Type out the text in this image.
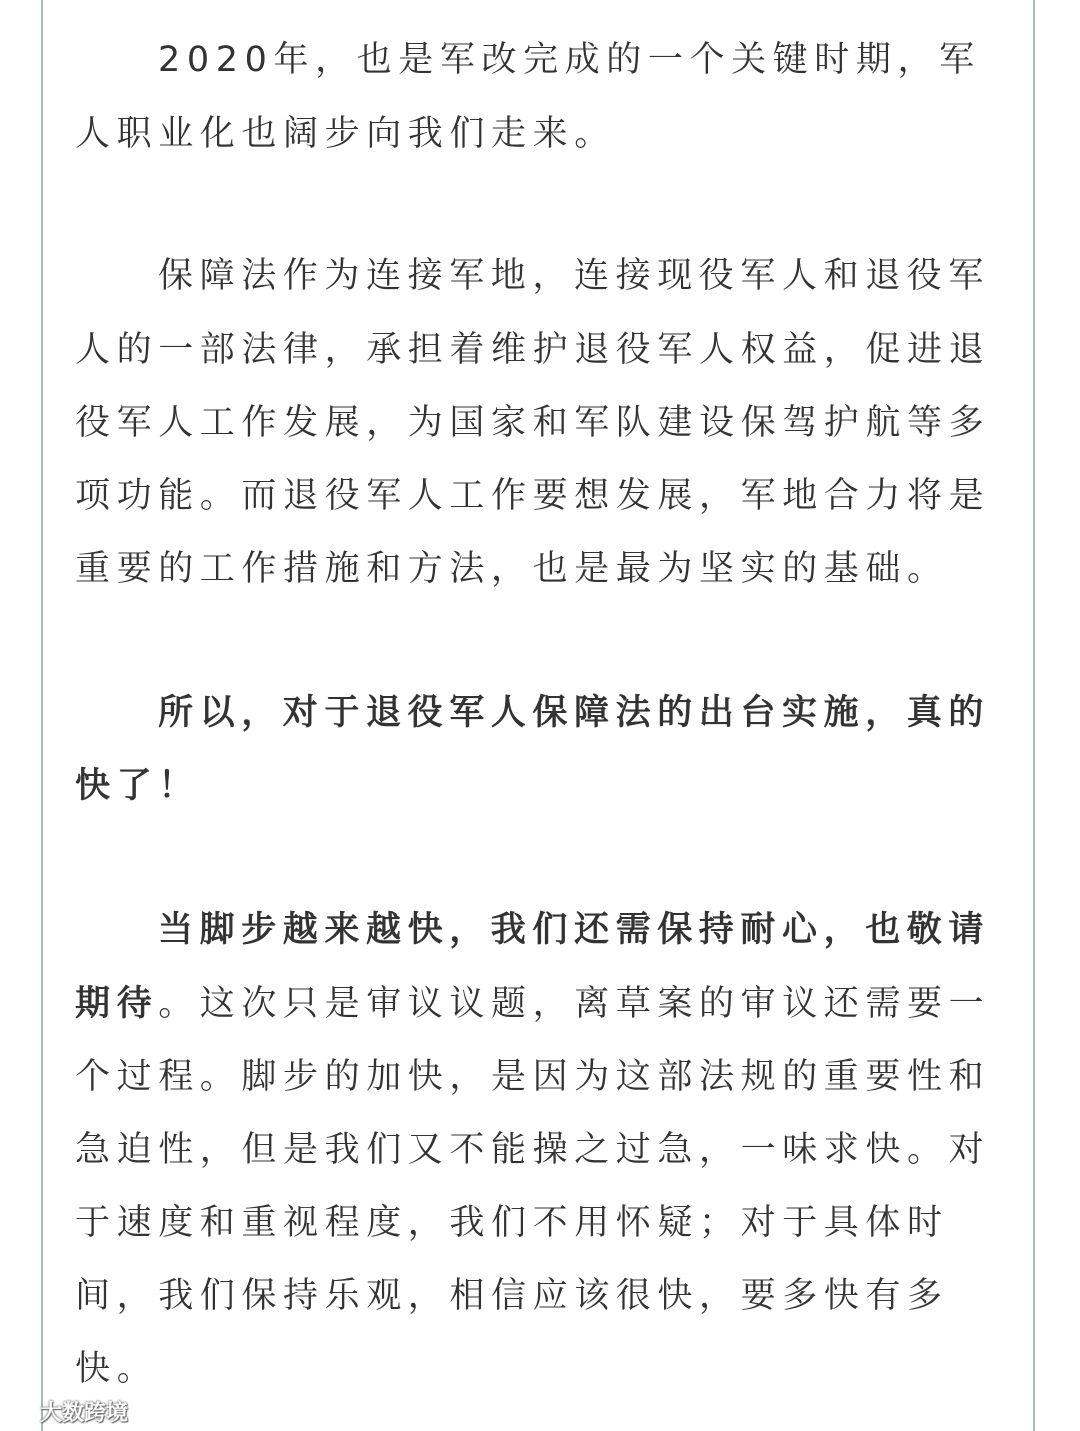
2020年，也是军改完成的一个关键时期，军
人职业化也阔步向我们走来。
保障法作为连接军地，连接现役军人和退役军
人的一部法律，承担着维护退役军人权益，促进退
役军人工作发展，为国家和军队建设保驾护航等多
项功能。而退役军人工作要想发展，军地合力将是
重要的工作措施和方法，也是最为坚实的基础。
所以，对于退役军人保障法的出台实施，真的
快了！
当脚步越来越快，我们还需保持耐心，也敬请
期待。这次只是审议议题，离草案的审议还需要一
个过程。脚步的加快，是因为这部法规的重要性和
急迫性，但是我们又不能操之过急，一味求快。对
于速度和重视程度，我们不用怀疑；对于具体时
间，我们保持乐观，相信应该很快，要多快有多
快。
大数跨境
